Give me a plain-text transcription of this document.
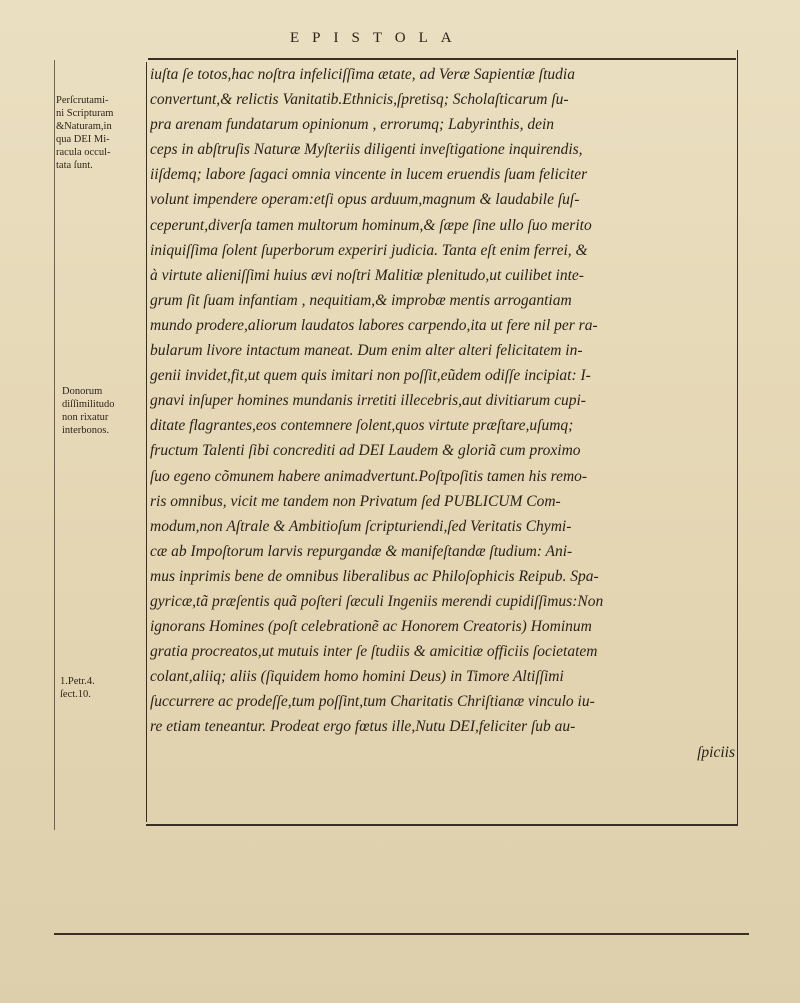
EPISTOLA
Perſcrutami-
ni Scripturam
&Naturam,in
qua DEI Mi-
racula occul-
tata ſunt.
Donorum
diſſimilitudo
non rixatur
interbonos.
1.Petr.4.
ſect.10.
iuſta ſe totos,hac noſtra infeliciſſima ætate, ad Veræ Sapientiæ ſtudia
convertunt,& relictis Vanitatib.Ethnicis,ſpretisq; Scholaſticarum ſu-
pra arenam fundatarum opinionum , errorumq; Labyrinthis, dein
ceps in abſtruſis Naturæ Myſteriis diligenti inveſtigatione inquirendis,
iiſdemq; labore ſagaci omnia vincente in lucem eruendis ſuam feliciter
volunt impendere operam:etſi opus arduum,magnum & laudabile ſuſ-
ceperunt,diverſa tamen multorum hominum,& ſæpe ſine ullo ſuo merito
iniquiſſima ſolent ſuperborum experiri judicia. Tanta eſt enim ferrei, &
à virtute alieniſſimi huius ævi noſtri Malitiæ plenitudo,ut cuilibet inte-
grum ſit ſuam infantiam , nequitiam,& improbæ mentis arrogantiam
mundo prodere,aliorum laudatos labores carpendo,ita ut fere nil per ra-
bularum livore intactum maneat. Dum enim alter alteri felicitatem in-
genii invidet,fit,ut quem quis imitari non poſſit,eũdem odiſſe incipiat: I-
gnavi inſuper homines mundanis irretiti illecebris,aut divitiarum cupi-
ditate flagrantes,eos contemnere ſolent,quos virtute præſtare,uſumq;
fructum Talenti ſibi concrediti ad DEI Laudem & gloriã cum proximo
ſuo egeno cõmunem habere animadvertunt.Poſtpoſitis tamen his remo-
ris omnibus, vicit me tandem non Privatum ſed PUBLICUM Com-
modum,non Aſtrale & Ambitioſum ſcripturiendi,ſed Veritatis Chymi-
cæ ab Impoſtorum larvis repurgandæ & manifeſtandæ ſtudium: Ani-
mus inprimis bene de omnibus liberalibus ac Philoſophicis Reipub. Spa-
gyricæ,tã præſentis quã poſteri ſæculi Ingeniis merendi cupidiſſimus:Non
ignorans Homines (poſt celebrationẽ ac Honorem Creatoris) Hominum
gratia procreatos,ut mutuis inter ſe ſtudiis & amicitiæ officiis ſocietatem
colant,aliiq; aliis (ſiquidem homo homini Deus) in Timore Altiſſimi
ſuccurrere ac prodeſſe,tum poſſint,tum Charitatis Chriſtianæ vinculo iu-
re etiam teneantur. Prodeat ergo fœtus ille,Nutu DEI,feliciter ſub au-
ſpiciis
